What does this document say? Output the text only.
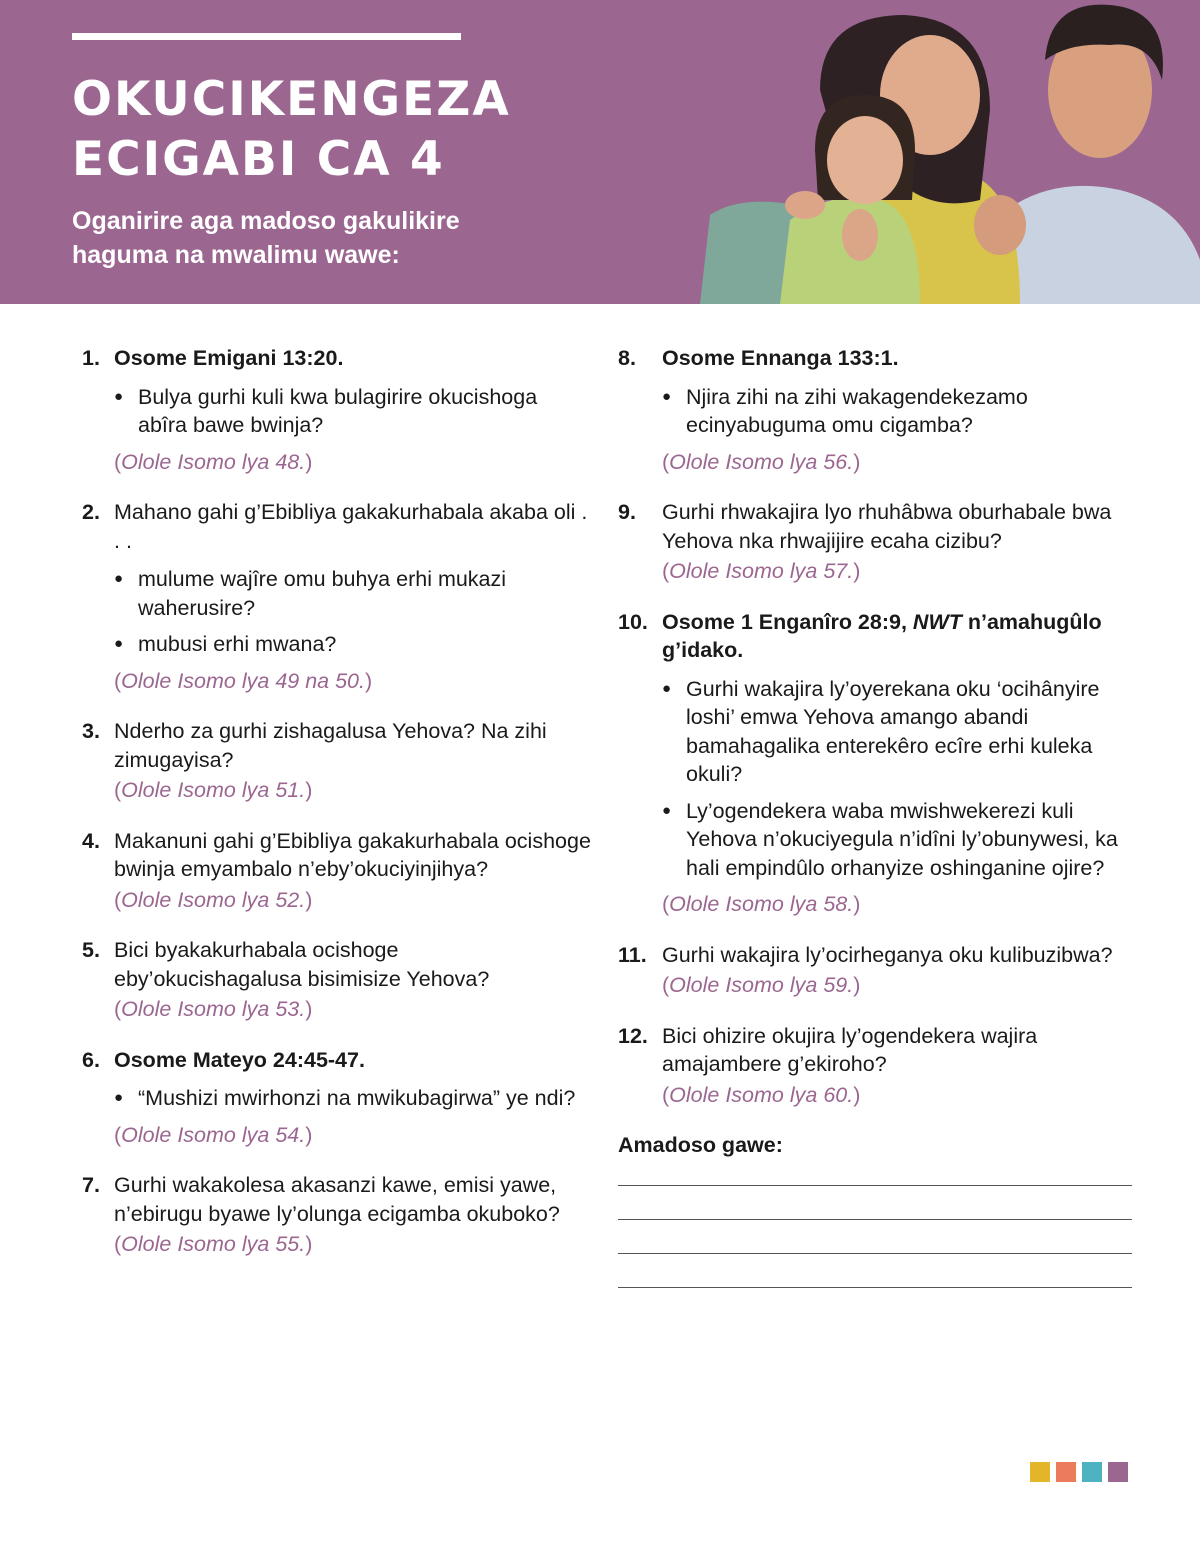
OKUCIKENGEZA
ECIGABI CA 4

Oganirire aga madoso gakulikire
haguma na mwalimu wawe:

1. Osome Emigani 13:20.
● Bulya gurhi kuli kwa bulagirire okucishoga abîra bawe bwinja?
(Olole Isomo lya 48.)
2. Mahano gahi g’Ebibliya gakakurhabala akaba oli . . .
● mulume wajîre omu buhya erhi mukazi waherusire?
● mubusi erhi mwana?
(Olole Isomo lya 49 na 50.)
3. Nderho za gurhi zishagalusa Yehova? Na zihi zimugayisa?
(Olole Isomo lya 51.)
4. Makanuni gahi g’Ebibliya gakakurhabala ocishoge bwinja emyambalo n’eby’okuciyinjihya?
(Olole Isomo lya 52.)
5. Bici byakakurhabala ocishoge eby’okucishagalusa bisimisize Yehova?
(Olole Isomo lya 53.)
6. Osome Mateyo 24:45-47.
● “Mushizi mwirhonzi na mwikubagirwa” ye ndi?
(Olole Isomo lya 54.)
7. Gurhi wakakolesa akasanzi kawe, emisi yawe, n’ebirugu byawe ly’olunga ecigamba okuboko?
(Olole Isomo lya 55.)
8.	Osome Ennanga 133:1.
● Njira zihi na zihi wakagendekezamo ecinyabuguma omu cigamba?
(Olole Isomo lya 56.)
9.	Gurhi rhwakajira lyo rhuhâbwa oburhabale bwa Yehova nka rhwajijire ecaha cizibu?
(Olole Isomo lya 57.)
10. Osome 1 Enganîro 28:9, NWT n’amahugûlo g’idako.
● Gurhi wakajira ly’oyerekana oku ‘ocihânyire loshi’ emwa Yehova amango abandi bamahagalika enterekêro ecîre erhi kuleka okuli?
● Ly’ogendekera waba mwishwekerezi kuli Yehova n’okuciyegula n’idîni ly’obunywesi, ka hali empindûlo orhanyize oshinganine ojire?
(Olole Isomo lya 58.)
11. Gurhi wakajira ly’ocirheganya oku kulibuzibwa?
(Olole Isomo lya 59.)
12. Bici ohizire okujira ly’ogendekera wajira amajambere g’ekiroho?
(Olole Isomo lya 60.)
Amadoso gawe:
